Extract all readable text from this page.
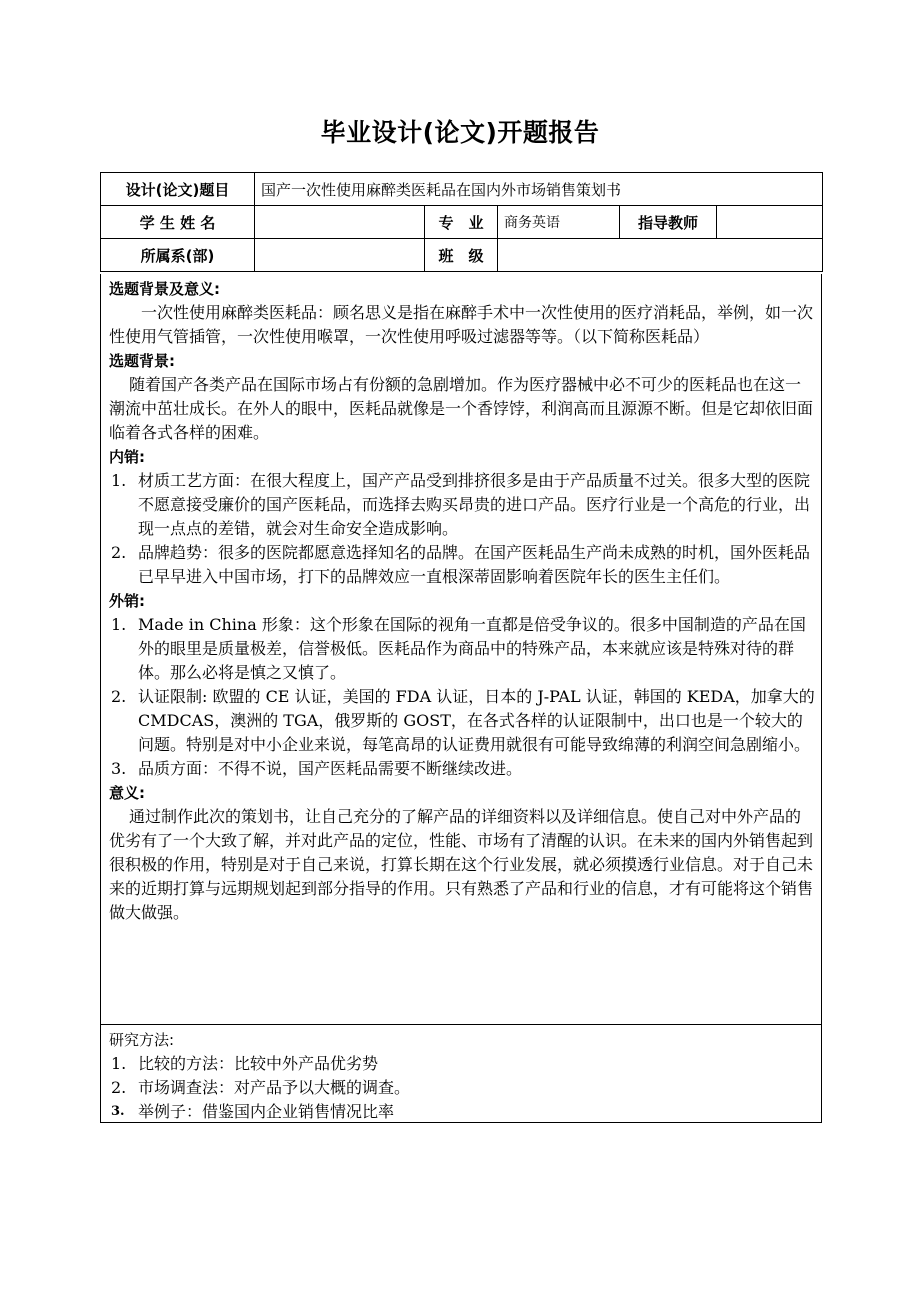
毕业设计(论文)开题报告
设计(论文)题目	国产一次性使用麻醉类医耗品在国内外市场销售策划书				
学 生 姓 名		专　业	商务英语	指导教师	
所属系(部)		班　级			
选题背景及意义:
一次性使用麻醉类医耗品：顾名思义是指在麻醉手术中一次性使用的医疗消耗品，举例，如一次性使用气管插管，一次性使用喉罩，一次性使用呼吸过滤器等等。（以下简称医耗品）
选题背景:
随着国产各类产品在国际市场占有份额的急剧增加。作为医疗器械中必不可少的医耗品也在这一潮流中茁壮成长。在外人的眼中，医耗品就像是一个香饽饽，利润高而且源源不断。但是它却依旧面临着各式各样的困难。
内销:
1. 材质工艺方面：在很大程度上，国产产品受到排挤很多是由于产品质量不过关。很多大型的医院不愿意接受廉价的国产医耗品，而选择去购买昂贵的进口产品。医疗行业是一个高危的行业，出现一点点的差错，就会对生命安全造成影响。
2. 品牌趋势：很多的医院都愿意选择知名的品牌。在国产医耗品生产尚未成熟的时机，国外医耗品已早早进入中国市场，打下的品牌效应一直根深蒂固影响着医院年长的医生主任们。
外销:
1. Made in China 形象：这个形象在国际的视角一直都是倍受争议的。很多中国制造的产品在国外的眼里是质量极差，信誉极低。医耗品作为商品中的特殊产品，本来就应该是特殊对待的群体。那么必将是慎之又慎了。
2. 认证限制: 欧盟的 CE 认证，美国的 FDA 认证，日本的 J-PAL 认证，韩国的 KEDA，加拿大的 CMDCAS，澳洲的 TGA，俄罗斯的 GOST，在各式各样的认证限制中，出口也是一个较大的问题。特别是对中小企业来说，每笔高昂的认证费用就很有可能导致绵薄的利润空间急剧缩小。
3. 品质方面：不得不说，国产医耗品需要不断继续改进。
意义:
通过制作此次的策划书，让自己充分的了解产品的详细资料以及详细信息。使自己对中外产品的优劣有了一个大致了解，并对此产品的定位，性能、市场有了清醒的认识。在未来的国内外销售起到很积极的作用，特别是对于自己来说，打算长期在这个行业发展，就必须摸透行业信息。对于自己未来的近期打算与远期规划起到部分指导的作用。只有熟悉了产品和行业的信息，才有可能将这个销售做大做强。
研究方法:
1. 比较的方法：比较中外产品优劣势
2. 市场调查法：对产品予以大概的调查。
3. 举例子：借鉴国内企业销售情况比率
